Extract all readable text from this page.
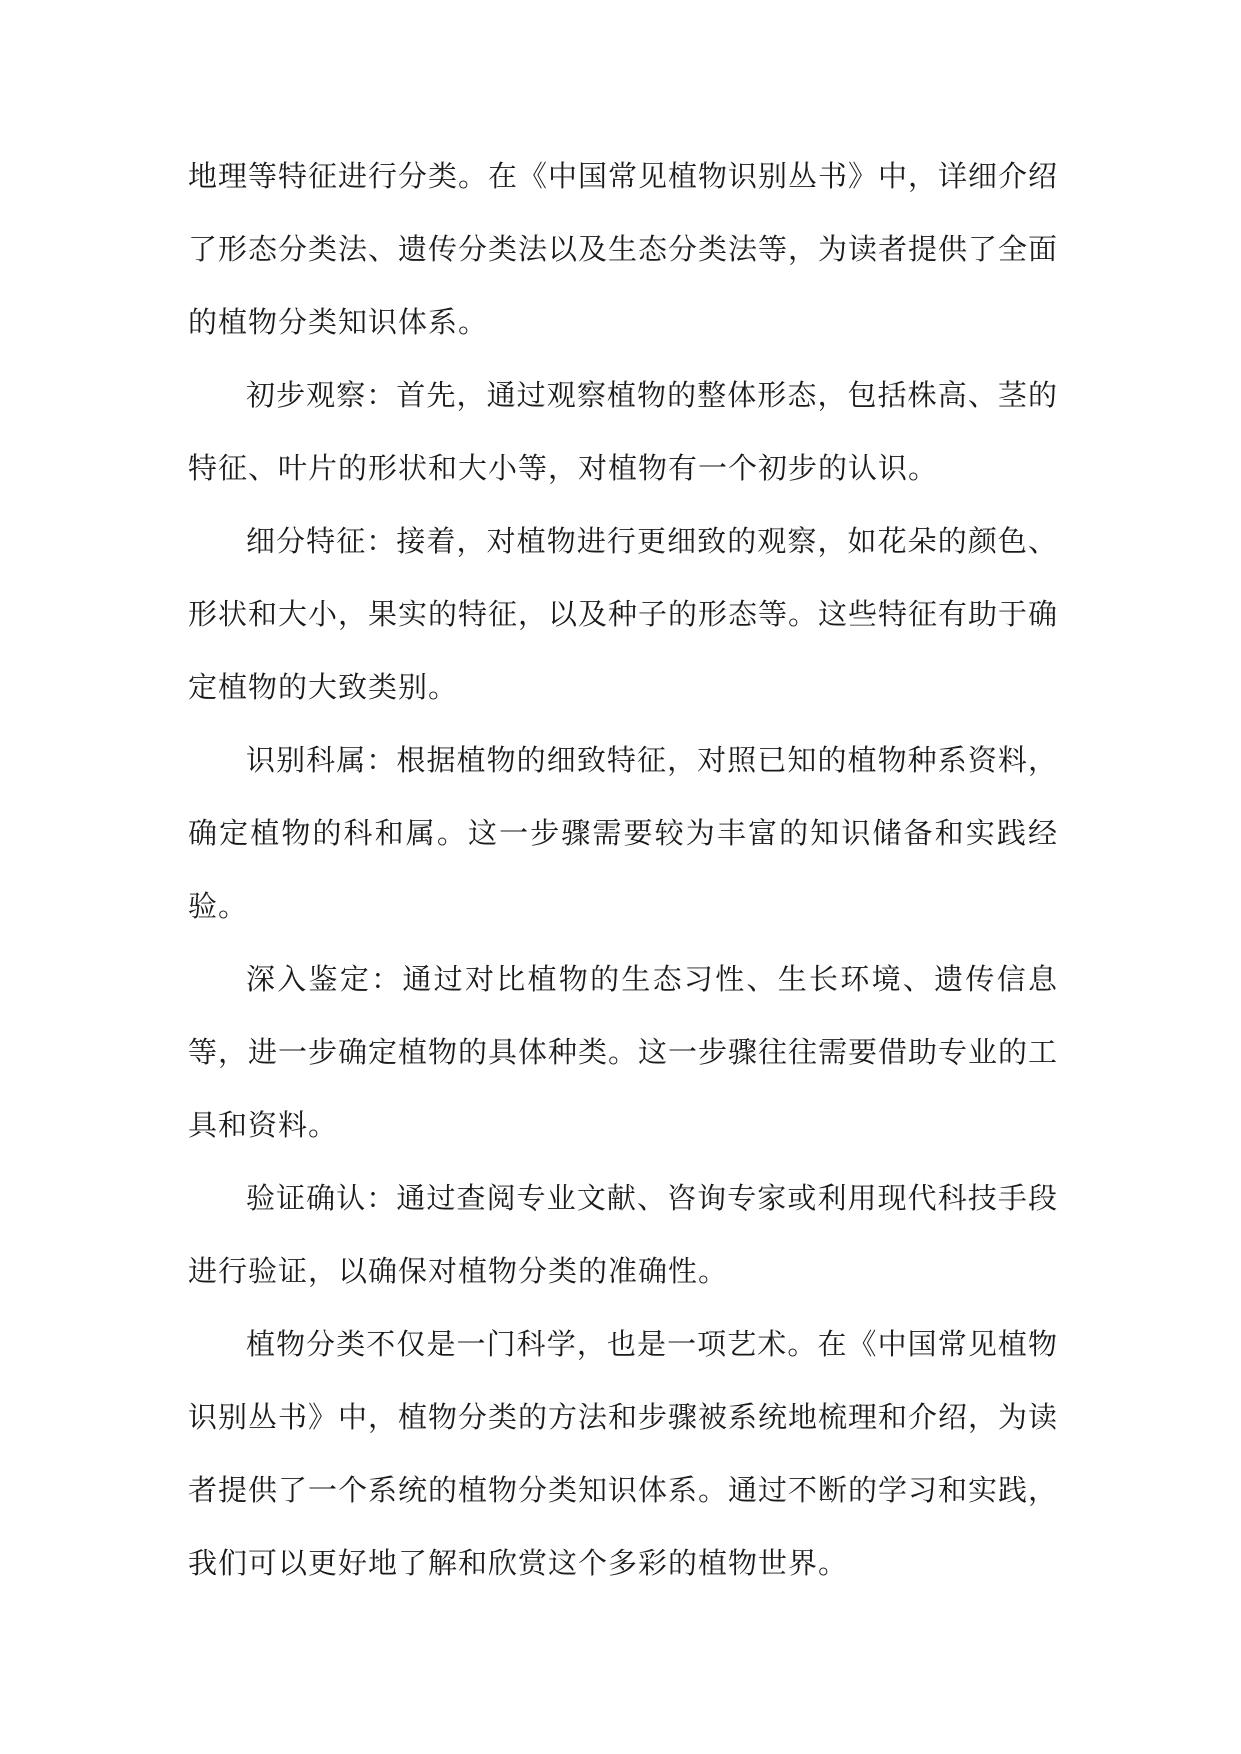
地理等特征进行分类。在《中国常见植物识别丛书》中，详细介绍了形态分类法、遗传分类法以及生态分类法等，为读者提供了全面的植物分类知识体系。

初步观察：首先，通过观察植物的整体形态，包括株高、茎的特征、叶片的形状和大小等，对植物有一个初步的认识。

细分特征：接着，对植物进行更细致的观察，如花朵的颜色、形状和大小，果实的特征，以及种子的形态等。这些特征有助于确定植物的大致类别。

识别科属：根据植物的细致特征，对照已知的植物种系资料，确定植物的科和属。这一步骤需要较为丰富的知识储备和实践经验。

深入鉴定：通过对比植物的生态习性、生长环境、遗传信息等，进一步确定植物的具体种类。这一步骤往往需要借助专业的工具和资料。

验证确认：通过查阅专业文献、咨询专家或利用现代科技手段进行验证，以确保对植物分类的准确性。

植物分类不仅是一门科学，也是一项艺术。在《中国常见植物识别丛书》中，植物分类的方法和步骤被系统地梳理和介绍，为读者提供了一个系统的植物分类知识体系。通过不断的学习和实践，我们可以更好地了解和欣赏这个多彩的植物世界。
